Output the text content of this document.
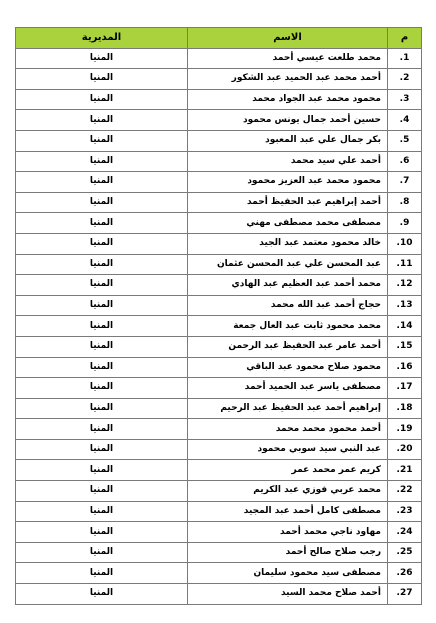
م	الاسم	المديرية
1.	محمد طلعت عيسي أحمد	المنيا
2.	أحمد محمد عبد الحميد عبد الشكور	المنيا
3.	محمود محمد عبد الجواد محمد	المنيا
4.	حسين أحمد جمال يونس محمود	المنيا
5.	بكر جمال علي عبد المعبود	المنيا
6.	أحمد علي سيد محمد	المنيا
7.	محمود محمد عبد العزيز محمود	المنيا
8.	أحمد إبراهيم عبد الحفيظ أحمد	المنيا
9.	مصطفى محمد مصطفى مهني	المنيا
10.	خالد محمود معتمد عبد الجيد	المنيا
11.	عبد المحسن علي عبد المحسن عثمان	المنيا
12.	محمد أحمد عبد العظيم عبد الهادي	المنيا
13.	حجاج أحمد عبد الله محمد	المنيا
14.	محمد محمود ثابت عبد العال جمعة	المنيا
15.	أحمد عامر عبد الحفيظ عبد الرحمن	المنيا
16.	محمود صلاح محمود عبد الباقي	المنيا
17.	مصطفى ياسر عبد الحميد أحمد	المنيا
18.	إبراهيم أحمد عبد الحفيظ عبد الرحيم	المنيا
19.	أحمد محمود محمد محمد	المنيا
20.	عبد النبي سيد سوبي محمود	المنيا
21.	كريم عمر محمد عمر	المنيا
22.	محمد عربي فوزي عبد الكريم	المنيا
23.	مصطفى كامل أحمد عبد المجيد	المنيا
24.	مهاود ناجي محمد أحمد	المنيا
25.	رجب صلاح صالح أحمد	المنيا
26.	مصطفى سيد محمود سليمان	المنيا
27.	أحمد صلاح محمد السيد	المنيا
